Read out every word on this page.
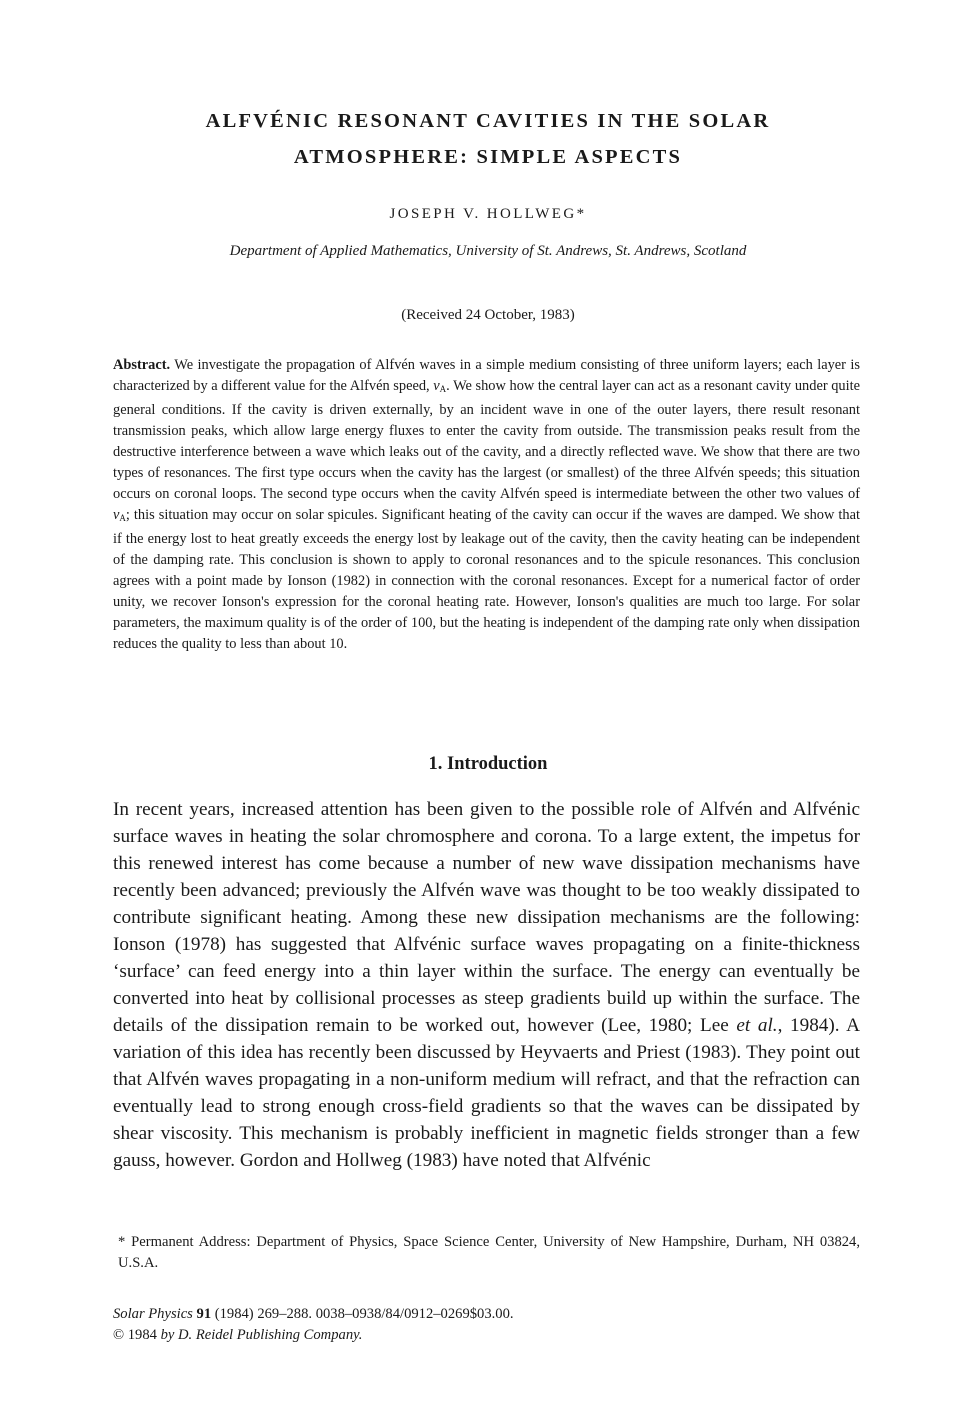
ALFVÉNIC RESONANT CAVITIES IN THE SOLAR
ATMOSPHERE: SIMPLE ASPECTS
JOSEPH V. HOLLWEG*
Department of Applied Mathematics, University of St. Andrews, St. Andrews, Scotland
(Received 24 October, 1983)

Abstract. We investigate the propagation of Alfvén waves in a simple medium consisting of three uniform layers; each layer is characterized by a different value for the Alfvén speed, $v_A$. We show how the central layer can act as a resonant cavity under quite general conditions. If the cavity is driven externally, by an incident wave in one of the outer layers, there result resonant transmission peaks, which allow large energy fluxes to enter the cavity from outside. The transmission peaks result from the destructive interference between a wave which leaks out of the cavity, and a directly reflected wave. We show that there are two types of resonances. The first type occurs when the cavity has the largest (or smallest) of the three Alfvén speeds; this situation occurs on coronal loops. The second type occurs when the cavity Alfvén speed is intermediate between the other two values of $v_A$; this situation may occur on solar spicules. Significant heating of the cavity can occur if the waves are damped. We show that if the energy lost to heat greatly exceeds the energy lost by leakage out of the cavity, then the cavity heating can be independent of the damping rate. This conclusion is shown to apply to coronal resonances and to the spicule resonances. This conclusion agrees with a point made by Ionson (1982) in connection with the coronal resonances. Except for a numerical factor of order unity, we recover Ionson's expression for the coronal heating rate. However, Ionson's qualities are much too large. For solar parameters, the maximum quality is of the order of 100, but the heating is independent of the damping rate only when dissipation reduces the quality to less than about 10.

1. Introduction

In recent years, increased attention has been given to the possible role of Alfvén and Alfvénic surface waves in heating the solar chromosphere and corona. To a large extent, the impetus for this renewed interest has come because a number of new wave dissipation mechanisms have recently been advanced; previously the Alfvén wave was thought to be too weakly dissipated to contribute significant heating. Among these new dissipation mechanisms are the following: Ionson (1978) has suggested that Alfvénic surface waves propagating on a finite-thickness ‘surface’ can feed energy into a thin layer within the surface. The energy can eventually be converted into heat by collisional processes as steep gradients build up within the surface. The details of the dissipation remain to be worked out, however (Lee, 1980; Lee et al., 1984). A variation of this idea has recently been discussed by Heyvaerts and Priest (1983). They point out that Alfvén waves propagating in a non-uniform medium will refract, and that the refraction can eventually lead to strong enough cross-field gradients so that the waves can be dissipated by shear viscosity. This mechanism is probably inefficient in magnetic fields stronger than a few gauss, however. Gordon and Hollweg (1983) have noted that Alfvénic

* Permanent Address: Department of Physics, Space Science Center, University of New Hampshire, Durham, NH 03824, U.S.A.

Solar Physics 91 (1984) 269–288. 0038–0938/84/0912–0269$03.00.
© 1984 by D. Reidel Publishing Company.
